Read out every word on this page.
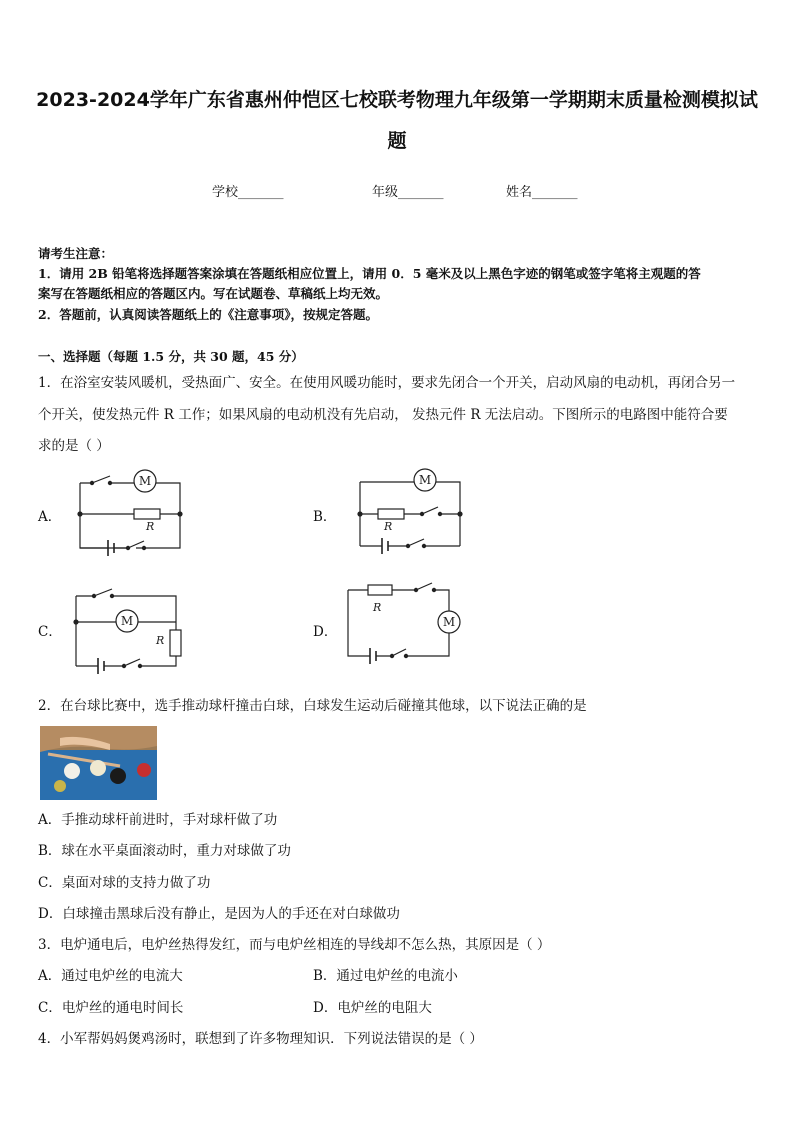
2023-2024学年广东省惠州仲恺区七校联考物理九年级第一学期期末质量检测模拟试
题
学校_______	年级_______	姓名_______
请考生注意：
1．请用 2B 铅笔将选择题答案涂填在答题纸相应位置上，请用 0．5 毫米及以上黑色字迹的钢笔或签字笔将主观题的答
案写在答题纸相应的答题区内。写在试题卷、草稿纸上均无效。
2．答题前，认真阅读答题纸上的《注意事项》，按规定答题。
一、选择题（每题 1.5 分，共 30 题，45 分）
1．在浴室安装风暖机，受热面广、安全。在使用风暖功能时，要求先闭合一个开关，启动风扇的电动机，再闭合另一
个开关，使发热元件 R 工作；如果风扇的电动机没有先启动， 发热元件 R 无法启动。下图所示的电路图中能符合要
求的是（ ）
A．	B．
C．	D．
M
R
M
R
M
R
R
M
2．在台球比赛中，选手推动球杆撞击白球，白球发生运动后碰撞其他球，以下说法正确的是
A．手推动球杆前进时，手对球杆做了功
B．球在水平桌面滚动时，重力对球做了功
C．桌面对球的支持力做了功
D．白球撞击黑球后没有静止，是因为人的手还在对白球做功
3．电炉通电后，电炉丝热得发红，而与电炉丝相连的导线却不怎么热，其原因是（ ）
A．通过电炉丝的电流大	B．通过电炉丝的电流小
C．电炉丝的通电时间长	D．电炉丝的电阻大
4．小军帮妈妈煲鸡汤时，联想到了许多物理知识．下列说法错误的是（ ）
